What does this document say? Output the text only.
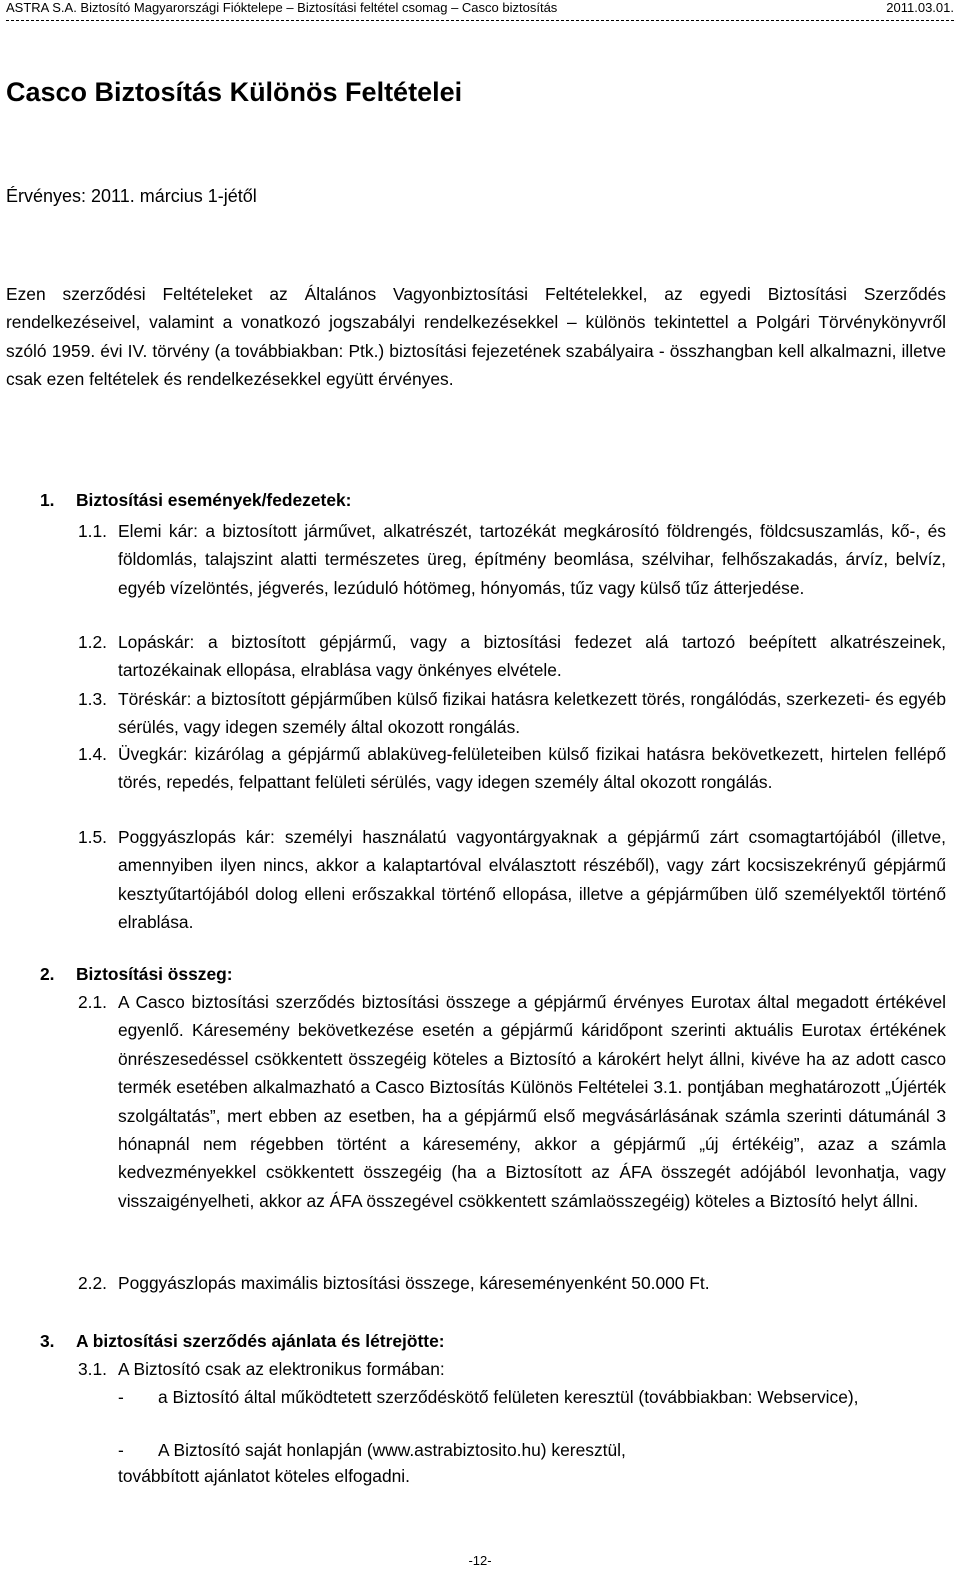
ASTRA S.A. Biztosító Magyarországi Fióktelepe – Biztosítási feltétel csomag – Casco biztosítás	2011.03.01.
Casco Biztosítás Különös Feltételei
Érvényes: 2011. március 1-jétől

Ezen szerződési Feltételeket az Általános Vagyonbiztosítási Feltételekkel, az egyedi Biztosítási Szerződés rendelkezéseivel, valamint a vonatkozó jogszabályi rendelkezésekkel – különös tekintettel a Polgári Törvénykönyvről szóló 1959. évi IV. törvény (a továbbiakban: Ptk.) biztosítási fejezetének szabályaira - összhangban kell alkalmazni, illetve csak ezen feltételek és rendelkezésekkel együtt érvényes.

1. Biztosítási események/fedezetek:
1.1. Elemi kár: a biztosított járművet, alkatrészét, tartozékát megkárosító földrengés, földcsuszamlás, kő-, és földomlás, talajszint alatti természetes üreg, építmény beomlása, szélvihar, felhőszakadás, árvíz, belvíz, egyéb vízelöntés, jégverés, lezúduló hótömeg, hónyomás, tűz vagy külső tűz átterjedése.

1.2. Lopáskár: a biztosított gépjármű, vagy a biztosítási fedezet alá tartozó beépített alkatrészeinek, tartozékainak ellopása, elrablása vagy önkényes elvétele.

1.3. Töréskár: a biztosított gépjárműben külső fizikai hatásra keletkezett törés, rongálódás, szerkezeti- és egyéb sérülés, vagy idegen személy által okozott rongálás.

1.4. Üvegkár: kizárólag a gépjármű ablaküveg-felületeiben külső fizikai hatásra bekövetkezett, hirtelen fellépő törés, repedés, felpattant felületi sérülés, vagy idegen személy által okozott rongálás.

1.5. Poggyászlopás kár: személyi használatú vagyontárgyaknak a gépjármű zárt csomagtartójából (illetve, amennyiben ilyen nincs, akkor a kalaptartóval elválasztott részéből), vagy zárt kocsiszekrényű gépjármű kesztyűtartójából dolog elleni erőszakkal történő ellopása, illetve a gépjárműben ülő személyektől történő elrablása.

2. Biztosítási összeg:
2.1. A Casco biztosítási szerződés biztosítási összege a gépjármű érvényes Eurotax által megadott értékével egyenlő. Káresemény bekövetkezése esetén a gépjármű káridőpont szerinti aktuális Eurotax értékének önrészesedéssel csökkentett összegéig köteles a Biztosító a károkért helyt állni, kivéve ha az adott casco termék esetében alkalmazható a Casco Biztosítás Különös Feltételei 3.1. pontjában meghatározott „Újérték szolgáltatás”, mert ebben az esetben, ha a gépjármű első megvásárlásának számla szerinti dátumánál 3 hónapnál nem régebben történt a káresemény, akkor a gépjármű „új értékéig”, azaz a számla kedvezményekkel csökkentett összegéig (ha a Biztosított az ÁFA összegét adójából levonhatja, vagy visszaigényelheti, akkor az ÁFA összegével csökkentett számlaösszegéig) köteles a Biztosító helyt állni.

2.2. Poggyászlopás maximális biztosítási összege, káreseményenként 50.000 Ft.

3. A biztosítási szerződés ajánlata és létrejötte:
3.1. A Biztosító csak az elektronikus formában:

- a Biztosító által működtetett szerződéskötő felületen keresztül (továbbiakban: Webservice),

- A Biztosító saját honlapján (www.astrabiztosito.hu) keresztül,

továbbított ajánlatot köteles elfogadni.
-12-
